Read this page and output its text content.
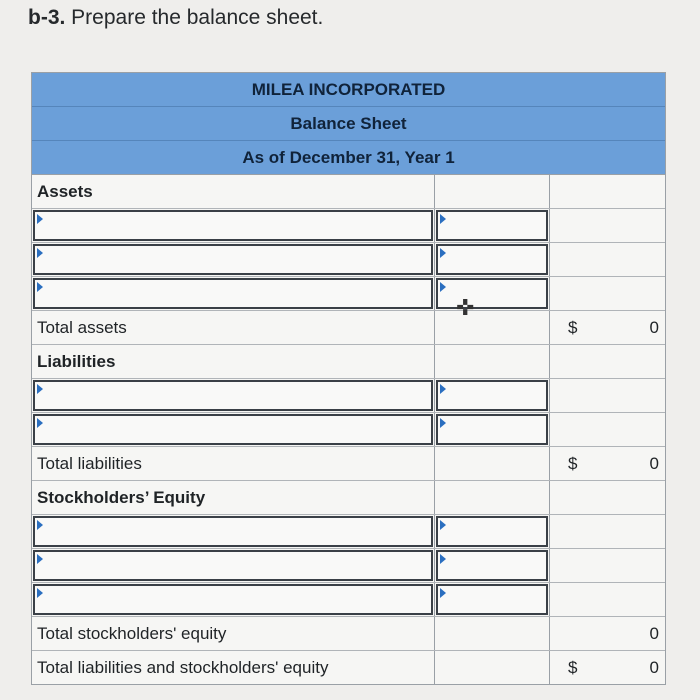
b-3. Prepare the balance sheet.
MILEA INCORPORATED
Balance Sheet
As of December 31, Year 1
Assets
Total assets	$	0
Liabilities
Total liabilities	$	0
Stockholders’ Equity
Total stockholders' equity	0
Total liabilities and stockholders' equity	$	0
✜
